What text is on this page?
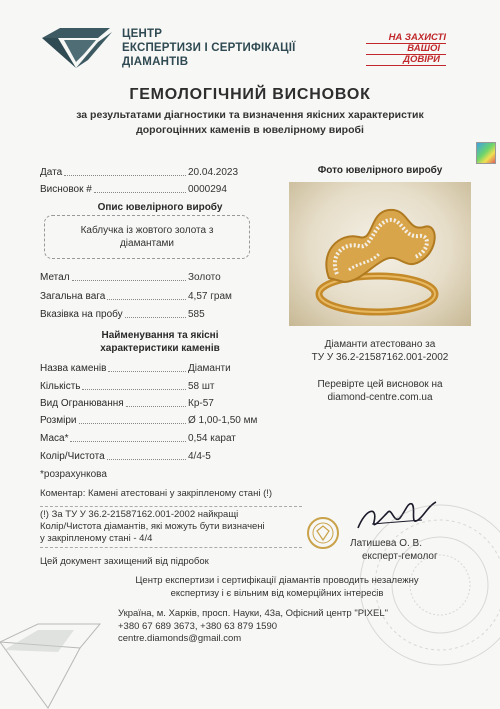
ЦЕНТР
ЕКСПЕРТИЗИ І СЕРТИФІКАЦІЇ
ДІАМАНТІВ
НА ЗАХИСТІ
ВАШОЇ
ДОВІРИ
ГЕМОЛОГІЧНИЙ ВИСНОВОК
за результатами діагностики та визначення якісних характеристик
дорогоцінних каменів в ювелірному виробі
Дата	20.04.2023
Висновок #	0000294
Опис ювелірного виробу
Каблучка із жовтого золота з
діамантами
Метал	Золото
Загальна вага	4,57 грам
Вказівка на пробу	585
Найменування та якісні
характеристики каменів
Назва каменів	Діаманти
Кількість	58 шт
Вид Огранювання	Кр-57
Розміри	Ø 1,00-1,50 мм
Маса*	0,54 карат
Колір/Чистота	4/4-5
*розрахункова
Фото ювелірного виробу
Діаманти атестовано за
ТУ У 36.2-21587162.001-2002
Перевірте цей висновок на
diamond-centre.com.ua
Коментар: Камені атестовані у закріпленому стані (!)
(!) За ТУ У 36.2-21587162.001-2002 найкращі
Колір/Чистота діамантів, які можуть бути визначені
у закріпленому стані - 4/4	Латишева О. В.
експерт-гемолог
Цей документ захищений від підробок
Центр експертизи і сертифікації діамантів проводить незалежну
експертизу і є вільним від комерційних інтересів
Україна, м. Харків, просп. Науки, 43а, Офісний центр "PIXEL"
+380 67 689 3673, +380 63 879 1590
centre.diamonds@gmail.com
